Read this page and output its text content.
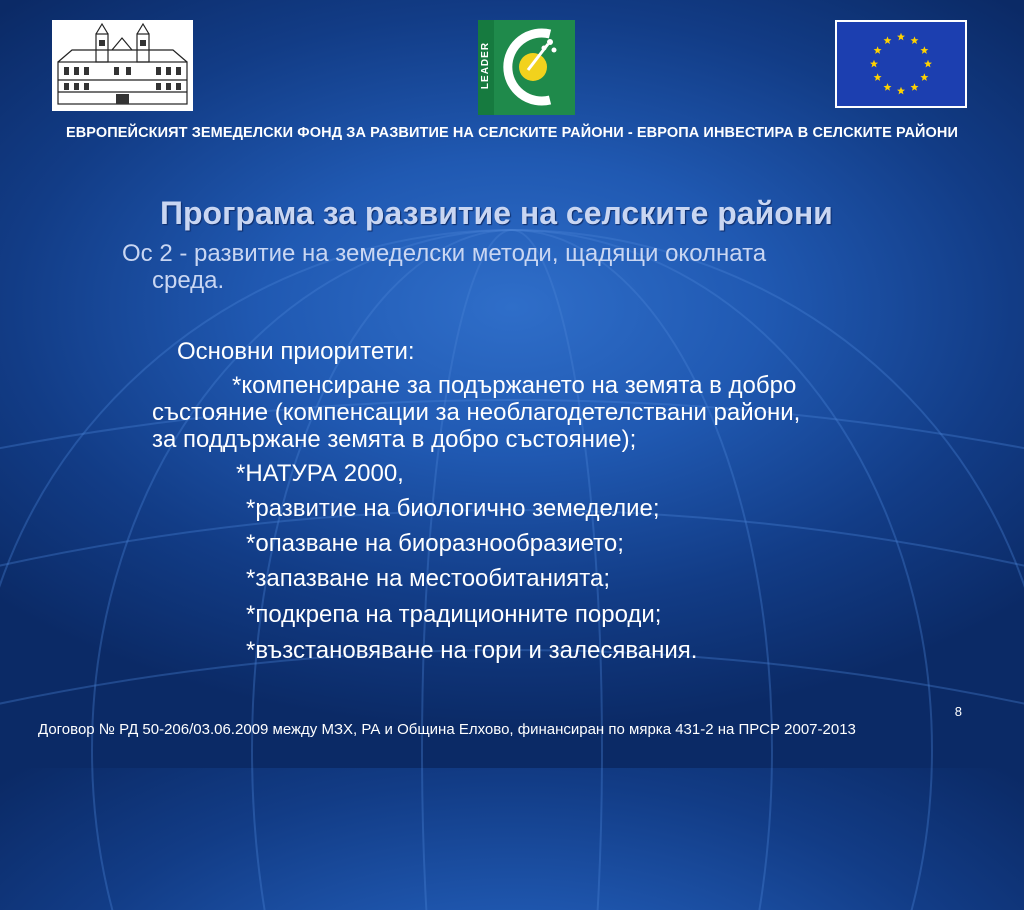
LEADER
ЕВРОПЕЙСКИЯТ ЗЕМЕДЕЛСКИ ФОНД ЗА РАЗВИТИЕ НА СЕЛСКИТЕ РАЙОНИ - ЕВРОПА ИНВЕСТИРА В СЕЛСКИТЕ РАЙОНИ
Програма за развитие на селските райони
Ос 2 - развитие на земеделски методи, щадящи околната
среда.
Основни приоритети:
*компенсиране за подържането на земята в добро
състояние (компенсации за необлагодетелствани райони,
за поддържане земята в добро състояние);
*НАТУРА 2000,
*развитие на биологично земеделие;
*опазване на биоразнообразието;
*запазване на местообитанията;
*подкрепа на традиционните породи;
*възстановяване на гори и залесявания.
8
Договор № РД 50-206/03.06.2009 между МЗХ, РА и Община Елхово, финансиран по мярка 431-2 на ПРСР 2007-2013
